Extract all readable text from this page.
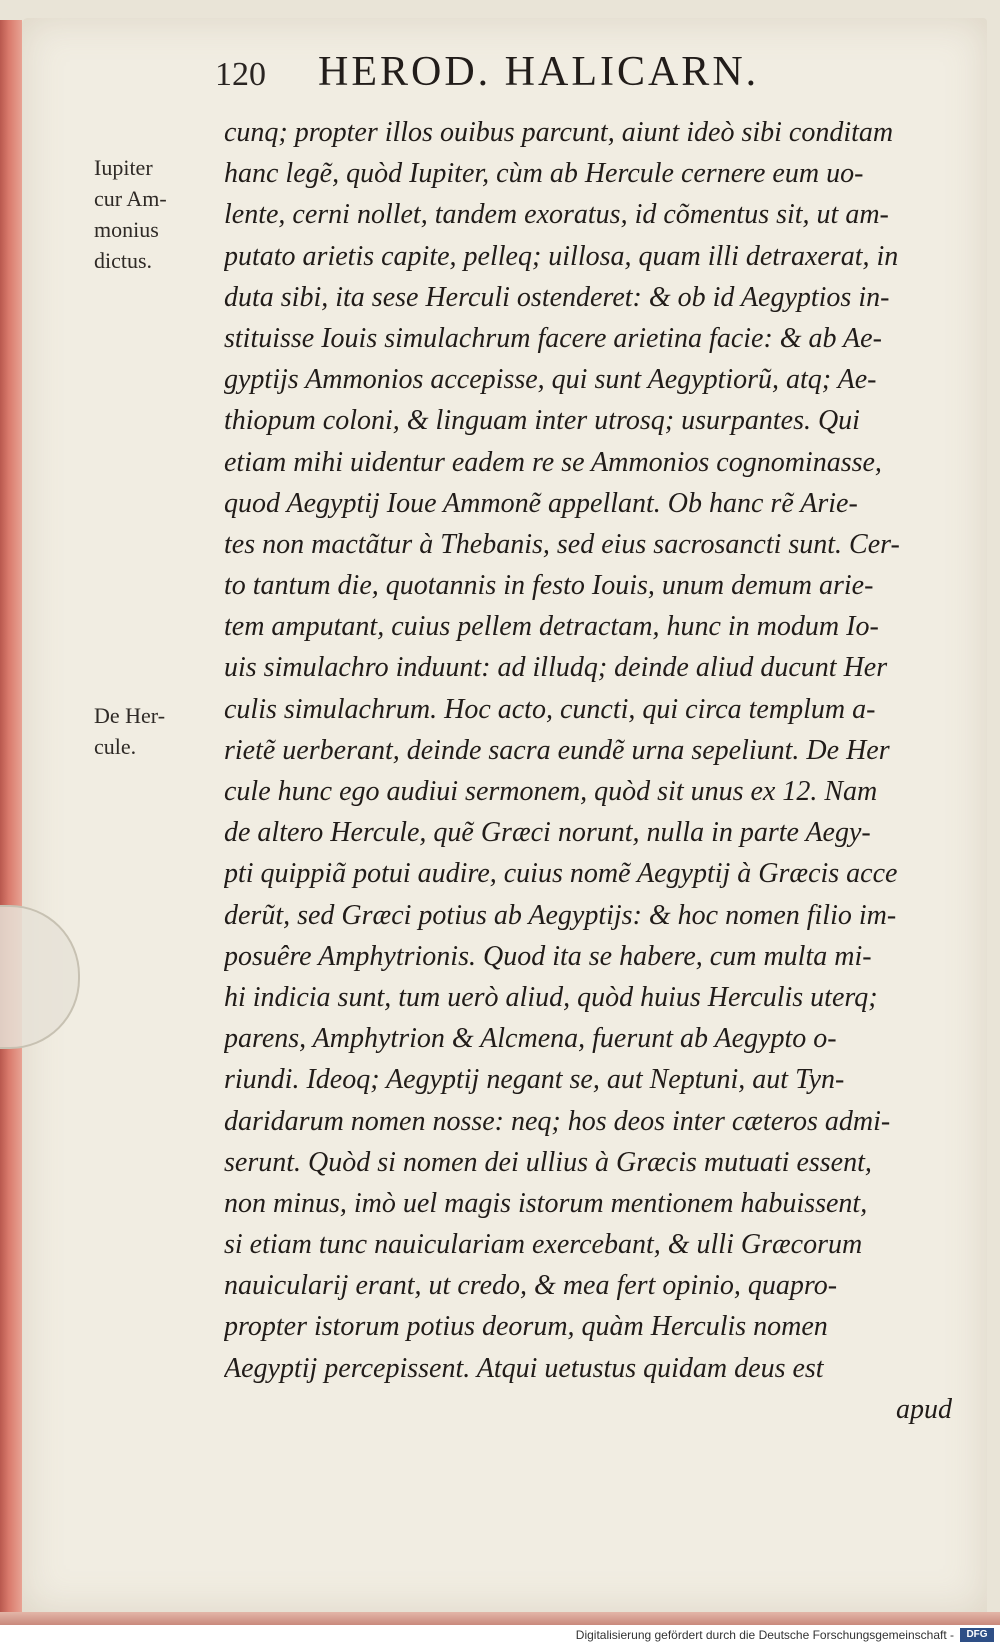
120 HEROD. HALICARN.
Iupiter
cur Am-
monius
dictus.
De Her-
cule.
cunq; propter illos ouibus parcunt, aiunt ideò sibi conditam
hanc legẽ, quòd Iupiter, cùm ab Hercule cernere eum uo-
lente, cerni nollet, tandem exoratus, id cõmentus sit, ut am-
putato arietis capite, pelleq; uillosa, quam illi detraxerat, in
duta sibi, ita sese Herculi ostenderet: & ob id Aegyptios in-
stituisse Iouis simulachrum facere arietina facie: & ab Ae-
gyptijs Ammonios accepisse, qui sunt Aegyptiorũ, atq; Ae-
thiopum coloni, & linguam inter utrosq; usurpantes. Qui
etiam mihi uidentur eadem re se Ammonios cognominasse,
quod Aegyptij Ioue Ammonẽ appellant. Ob hanc rẽ Arie-
tes non mactãtur à Thebanis, sed eius sacrosancti sunt. Cer-
to tantum die, quotannis in festo Iouis, unum demum arie-
tem amputant, cuius pellem detractam, hunc in modum Io-
uis simulachro induunt: ad illudq; deinde aliud ducunt Her
culis simulachrum. Hoc acto, cuncti, qui circa templum a-
rietẽ uerberant, deinde sacra eundẽ urna sepeliunt. De Her
cule hunc ego audiui sermonem, quòd sit unus ex 12. Nam
de altero Hercule, quẽ Græci norunt, nulla in parte Aegy-
pti quippiã potui audire, cuius nomẽ Aegyptij à Græcis acce
derũt, sed Græci potius ab Aegyptijs: & hoc nomen filio im-
posuêre Amphytrionis. Quod ita se habere, cum multa mi-
hi indicia sunt, tum uerò aliud, quòd huius Herculis uterq;
parens, Amphytrion & Alcmena, fuerunt ab Aegypto o-
riundi. Ideoq; Aegyptij negant se, aut Neptuni, aut Tyn-
daridarum nomen nosse: neq; hos deos inter cæteros admi-
serunt. Quòd si nomen dei ullius à Græcis mutuati essent,
non minus, imò uel magis istorum mentionem habuissent,
si etiam tunc nauiculariam exercebant, & ulli Græcorum
nauicularij erant, ut credo, & mea fert opinio, quapro-
propter istorum potius deorum, quàm Herculis nomen
Aegyptij percepissent. Atqui uetustus quidam deus est
apud
Digitalisierung gefördert durch die Deutsche Forschungsgemeinschaft -	DFG
